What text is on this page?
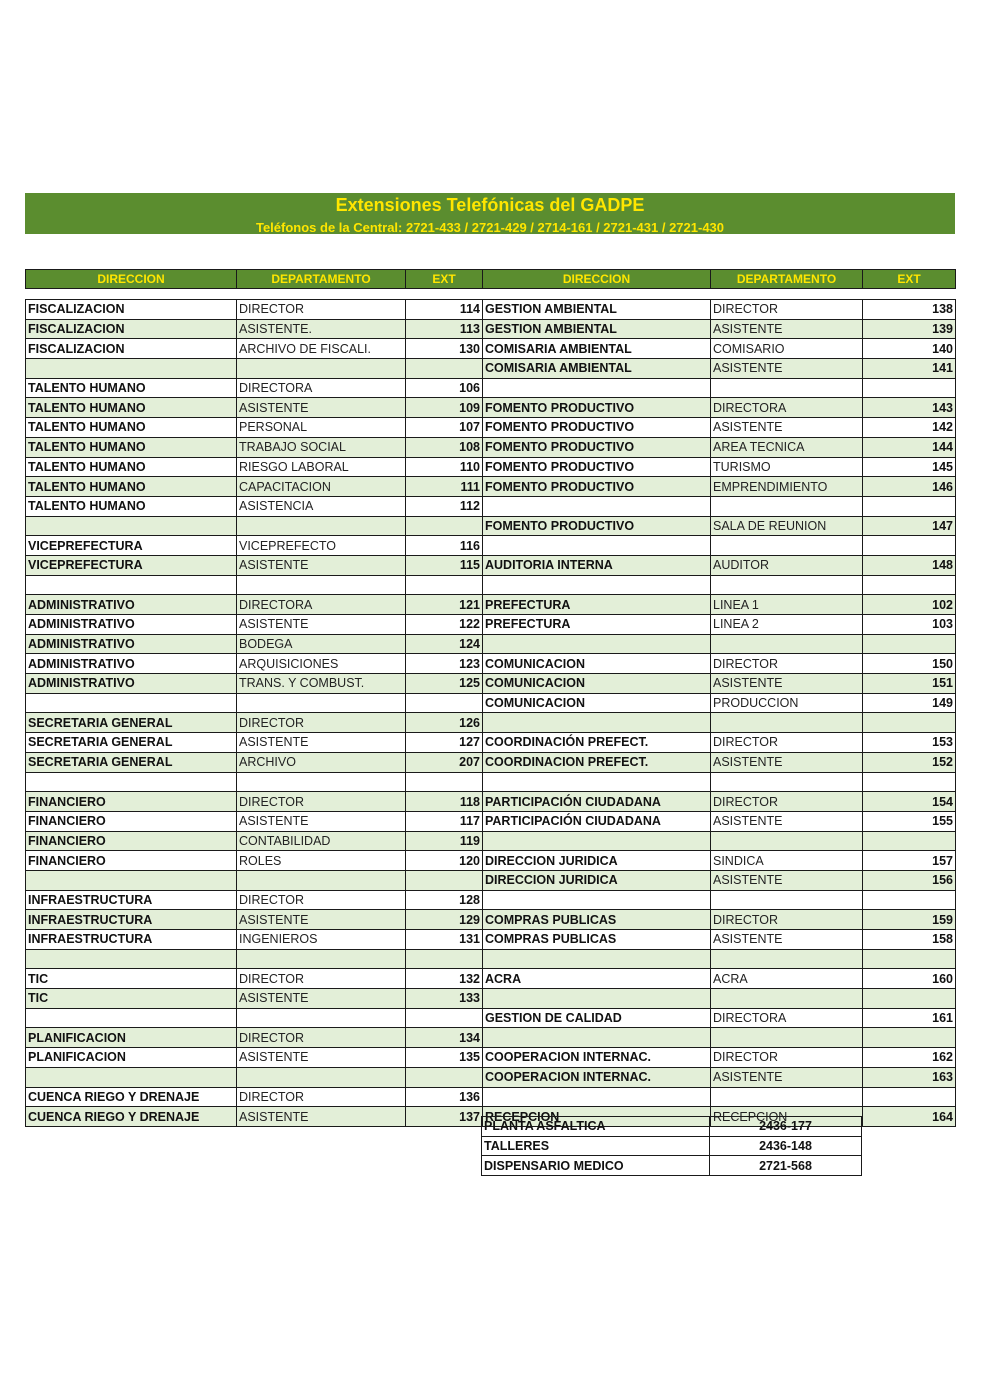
Extensiones Telefónicas del GADPE
Teléfonos de la Central: 2721-433 / 2721-429 / 2714-161 / 2721-431 / 2721-430
DIRECCION	DEPARTAMENTO	EXT	DIRECCION	DEPARTAMENTO	EXT
FISCALIZACION	DIRECTOR	114	GESTION AMBIENTAL	DIRECTOR	138
FISCALIZACION	ASISTENTE.	113	GESTION AMBIENTAL	ASISTENTE	139
FISCALIZACION	ARCHIVO DE FISCALI.	130	COMISARIA AMBIENTAL	COMISARIO	140
			COMISARIA AMBIENTAL	ASISTENTE	141
TALENTO HUMANO	DIRECTORA	106			
TALENTO HUMANO	ASISTENTE	109	FOMENTO PRODUCTIVO	DIRECTORA	143
TALENTO HUMANO	PERSONAL	107	FOMENTO PRODUCTIVO	ASISTENTE	142
TALENTO HUMANO	TRABAJO SOCIAL	108	FOMENTO PRODUCTIVO	AREA TECNICA	144
TALENTO HUMANO	RIESGO LABORAL	110	FOMENTO PRODUCTIVO	TURISMO	145
TALENTO HUMANO	CAPACITACION	111	FOMENTO PRODUCTIVO	EMPRENDIMIENTO	146
TALENTO HUMANO	ASISTENCIA	112			
			FOMENTO PRODUCTIVO	SALA DE REUNION	147
VICEPREFECTURA	VICEPREFECTO	116			
VICEPREFECTURA	ASISTENTE	115	AUDITORIA INTERNA	AUDITOR	148

ADMINISTRATIVO	DIRECTORA	121	PREFECTURA	LINEA 1	102
ADMINISTRATIVO	ASISTENTE	122	PREFECTURA	LINEA 2	103
ADMINISTRATIVO	BODEGA	124			
ADMINISTRATIVO	ARQUISICIONES	123	COMUNICACION	DIRECTOR	150
ADMINISTRATIVO	TRANS. Y COMBUST.	125	COMUNICACION	ASISTENTE	151
			COMUNICACION	PRODUCCION	149
SECRETARIA GENERAL	DIRECTOR	126			
SECRETARIA GENERAL	ASISTENTE	127	COORDINACIÓN PREFECT.	DIRECTOR	153
SECRETARIA GENERAL	ARCHIVO	207	COORDINACION PREFECT.	ASISTENTE	152

FINANCIERO	DIRECTOR	118	PARTICIPACIÓN CIUDADANA	DIRECTOR	154
FINANCIERO	ASISTENTE	117	PARTICIPACIÓN CIUDADANA	ASISTENTE	155
FINANCIERO	CONTABILIDAD	119			
FINANCIERO	ROLES	120	DIRECCION JURIDICA	SINDICA	157
			DIRECCION JURIDICA	ASISTENTE	156
INFRAESTRUCTURA	DIRECTOR	128			
INFRAESTRUCTURA	ASISTENTE	129	COMPRAS PUBLICAS	DIRECTOR	159
INFRAESTRUCTURA	INGENIEROS	131	COMPRAS PUBLICAS	ASISTENTE	158

TIC	DIRECTOR	132	ACRA	ACRA	160
TIC	ASISTENTE	133			
			GESTION DE CALIDAD	DIRECTORA	161
PLANIFICACION	DIRECTOR	134			
PLANIFICACION	ASISTENTE	135	COOPERACION INTERNAC.	DIRECTOR	162
			COOPERACION INTERNAC.	ASISTENTE	163
CUENCA RIEGO Y DRENAJE	DIRECTOR	136			
CUENCA RIEGO Y DRENAJE	ASISTENTE	137	RECEPCION	RECEPCION	164
PLANTA ASFALTICA	2436-177
TALLERES	2436-148
DISPENSARIO MEDICO	2721-568
